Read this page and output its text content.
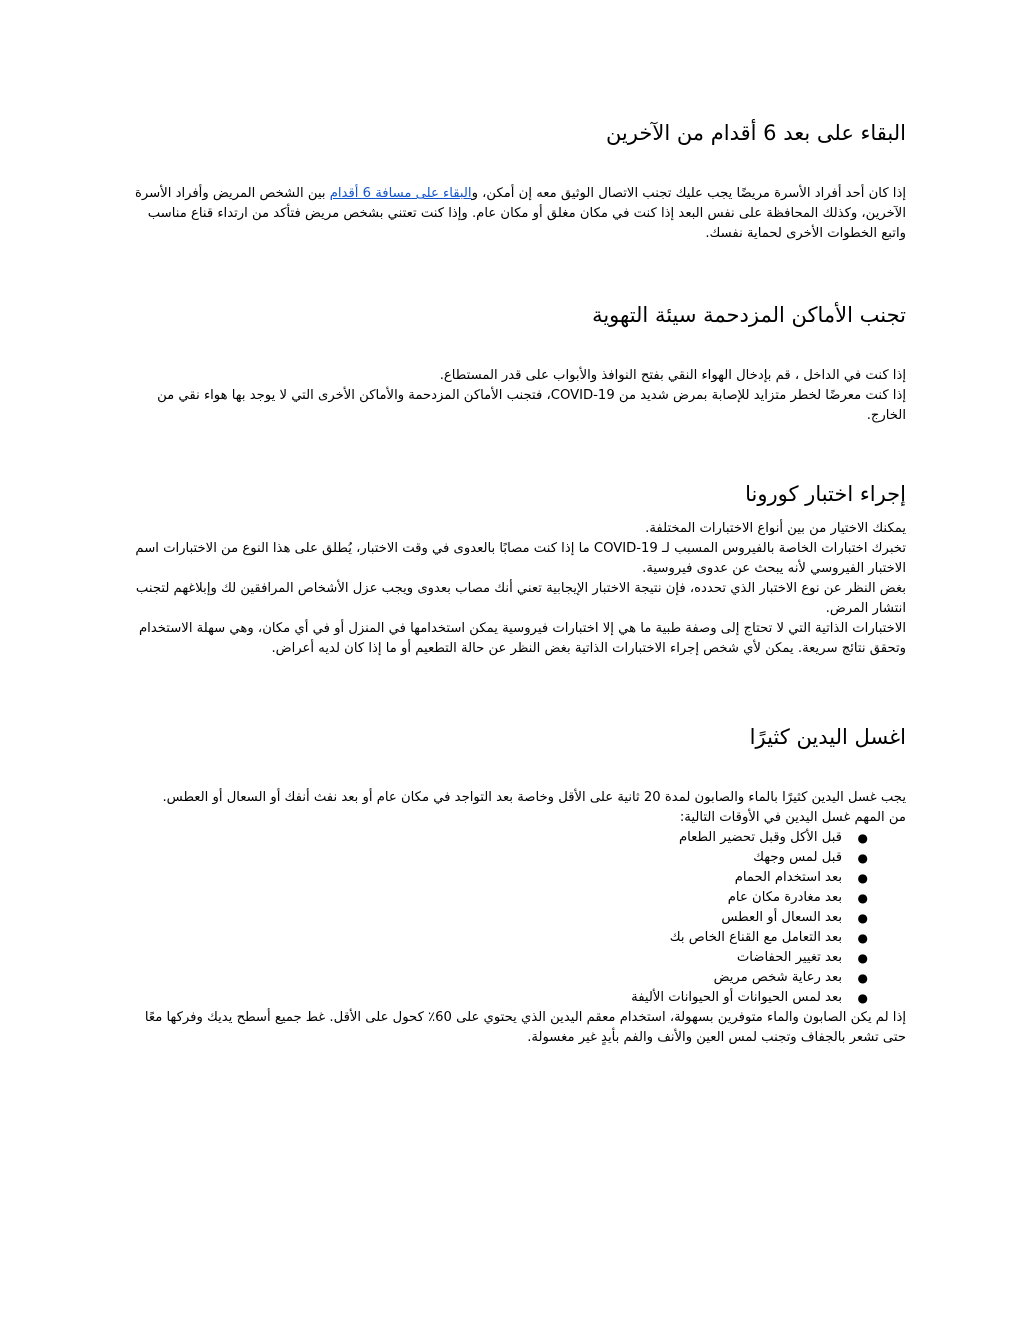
البقاء على بعد 6 أقدام من الآخرين

إذا كان أحد أفراد الأسرة مريضًا يجب عليك تجنب الاتصال الوثيق معه إن أمكن، والبقاء على مسافة 6 أقدام بين الشخص المريض وأفراد الأسرة الآخرين، وكذلك المحافظة على نفس البعد إذا كنت في مكان مغلق أو مكان عام. وإذا كنت تعتني بشخص مريض فتأكد من ارتداء قناع مناسب واتبع الخطوات الأخرى لحماية نفسك.

تجنب الأماكن المزدحمة سيئة التهوية

إذا كنت في الداخل ، قم بإدخال الهواء النقي بفتح النوافذ والأبواب على قدر المستطاع.

إذا كنت معرضًا لخطر متزايد للإصابة بمرض شديد من COVID-19، فتجنب الأماكن المزدحمة والأماكن الأخرى التي لا يوجد بها هواء نقي من الخارج.

إجراء اختبار كورونا

يمكنك الاختيار من بين أنواع الاختبارات المختلفة.

تخبرك اختبارات الخاصة بالفيروس المسبب لـ COVID-19 ما إذا كنت مصابًا بالعدوى في وقت الاختبار، يُطلق على هذا النوع من الاختبارات اسم الاختبار الفيروسي لأنه يبحث عن عدوى فيروسية.

بغض النظر عن نوع الاختبار الذي تحدده، فإن نتيجة الاختبار الإيجابية تعني أنك مصاب بعدوى ويجب عزل الأشخاص المرافقين لك وإبلاغهم لتجنب انتشار المرض.

الاختبارات الذاتية التي لا تحتاج إلى وصفة طبية ما هي إلا اختبارات فيروسية يمكن استخدامها في المنزل أو في أي مكان، وهي سهلة الاستخدام وتحقق نتائج سريعة. يمكن لأي شخص إجراء الاختبارات الذاتية بغض النظر عن حالة التطعيم أو ما إذا كان لديه أعراض.

اغسل اليدين كثيرًا

يجب غسل اليدين كثيرًا بالماء والصابون لمدة 20 ثانية على الأقل وخاصة بعد التواجد في مكان عام أو بعد نفث أنفك أو السعال أو العطس.

من المهم غسل اليدين في الأوقات التالية:

●
قبل الأكل وقبل تحضير الطعام
●
قبل لمس وجهك
●
بعد استخدام الحمام
●
بعد مغادرة مكان عام
●
بعد السعال أو العطس
●
بعد التعامل مع القناع الخاص بك
●
بعد تغيير الحفاضات
●
بعد رعاية شخص مريض
●
بعد لمس الحيوانات أو الحيوانات الأليفة

إذا لم يكن الصابون والماء متوفرين بسهولة، استخدام معقم اليدين الذي يحتوي على 60٪ كحول على الأقل. غط جميع أسطح يديك وفركها معًا حتى تشعر بالجفاف وتجنب لمس العين والأنف والفم بأيدٍ غير مغسولة.
